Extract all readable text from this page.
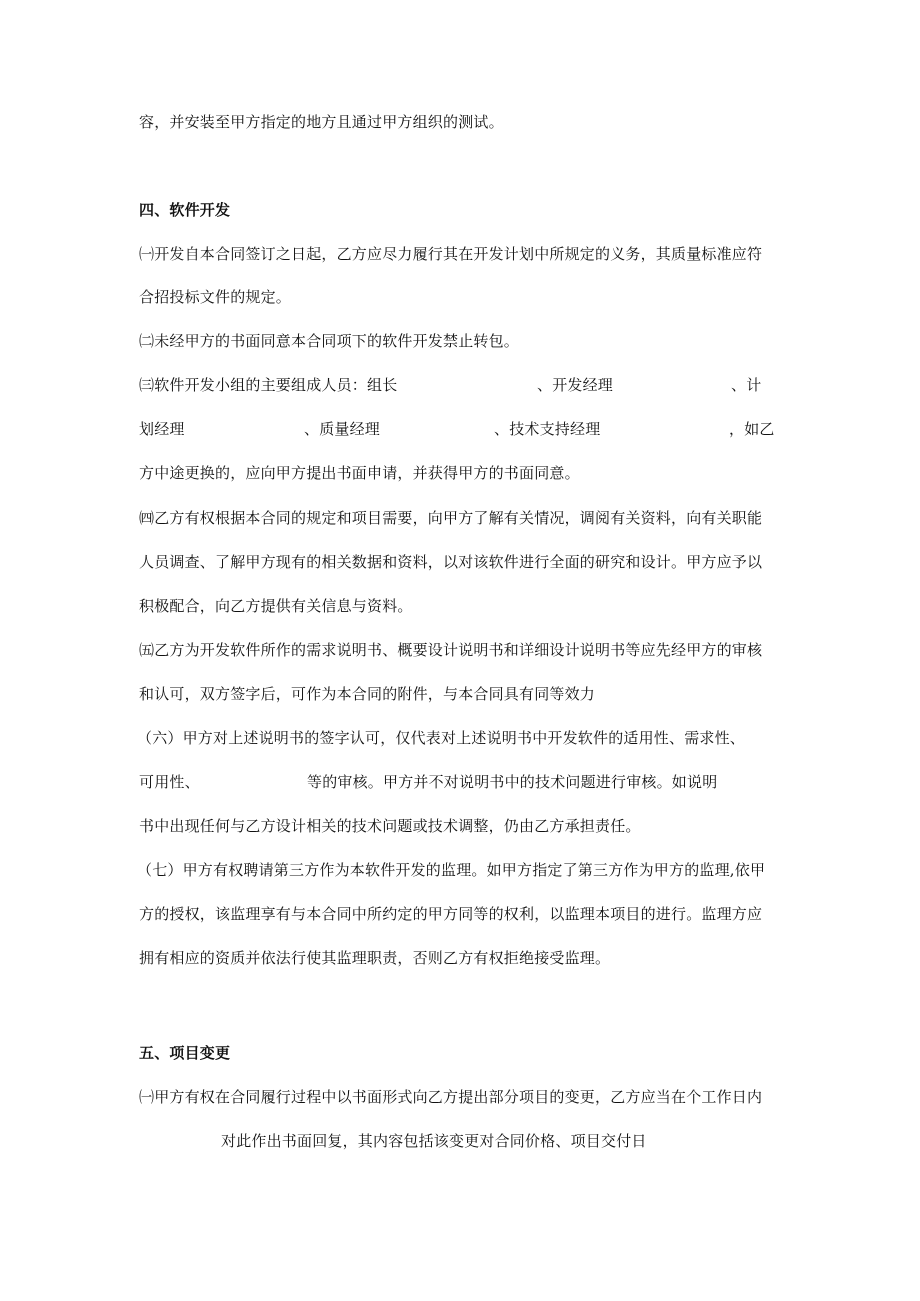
容，并安装至甲方指定的地方且通过甲方组织的测试。
四、软件开发
㈠开发自本合同签订之日起，乙方应尽力履行其在开发计划中所规定的义务，其质量标准应符
合招投标文件的规定。
㈡未经甲方的书面同意本合同项下的软件开发禁止转包。
㈢软件开发小组的主要组成人员：组长	、开发经理	、计
划经理	、质量经理	、技术支持经理	，如乙
方中途更换的，应向甲方提出书面申请，并获得甲方的书面同意。
㈣乙方有权根据本合同的规定和项目需要，向甲方了解有关情况，调阅有关资料，向有关职能
人员调查、了解甲方现有的相关数据和资料，以对该软件进行全面的研究和设计。甲方应予以
积极配合，向乙方提供有关信息与资料。
㈤乙方为开发软件所作的需求说明书、概要设计说明书和详细设计说明书等应先经甲方的审核
和认可，双方签字后，可作为本合同的附件，与本合同具有同等效力
（六）甲方对上述说明书的签字认可，仅代表对上述说明书中开发软件的适用性、需求性、
可用性、	等的审核。甲方并不对说明书中的技术问题进行审核。如说明
书中出现任何与乙方设计相关的技术问题或技术调整，仍由乙方承担责任。
（七）甲方有权聘请第三方作为本软件开发的监理。如甲方指定了第三方作为甲方的监理,依甲
方的授权，该监理享有与本合同中所约定的甲方同等的权利，以监理本项目的进行。监理方应
拥有相应的资质并依法行使其监理职责，否则乙方有权拒绝接受监理。
五、项目变更
㈠甲方有权在合同履行过程中以书面形式向乙方提出部分项目的变更，乙方应当在个工作日内
对此作出书面回复，其内容包括该变更对合同价格、项目交付日
